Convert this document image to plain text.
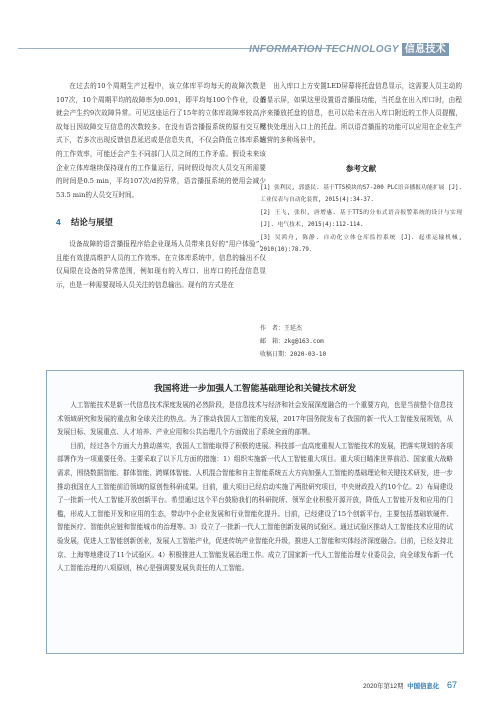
INFORMATION TECHNOLOGY 信息技术

在过去的10个周期生产过程中，该立体库平均每天的故障次数是107次，10个周期平均的故障率为0.091，即平均每100个作业，设备就会产生约9次故障异常。可见这座运行了15年的立体库故障率较高，故每日因故障交互信息的次数较多。在没有语音播报系统的原有交互模式下，若多次出现反馈信息延迟或是信息失真，不仅会降低立体库系统的工作效率，可能还会产生不同部门人员之间的工作矛盾。假设未来该企业立体库继续保持现有的工作量运行，同时假设每次人员交互所需要的时间是0.5 min，平均107次/d的异常，语音播报系统的使用会减少53.5 min的人员交互时间。

4 结论与展望

设备故障的语音播报程序给企业现场人员带来良好的“用户体验”，且能有效提高维护人员的工作效率。在立体库系统中，信息的输出不仅仅局限在设备的异常范围，例如现有的入库口、出库口的托盘信息显示，也是一种需要现场人员关注的信息输出。现有的方式是在

出入库口上方安置LED屏幕将托盘信息显示，这需要人员主动的看显示屏，如果这里设置语音播报功能，当托盘在出入库口时，由程序来播放托盘的信息，也可以给未在出入库口附近的工作人员提醒，尽快处理出入口上的托盘。所以语音播报的功能可以应用在企业生产运营的多种场景中。

参考文献

[1] 张利民, 郭盛民. 基于TTS模块的S7-200 PLC语音播报功能扩展 [J]. 工业仪表与自动化装置, 2015(4):34-37.

[2] 王飞, 张积, 唐增惠. 基于TTS的分布式语音报警系统的设计与实现 [J]. 电气技术, 2015(4):112-114.

[3] 吴鸿舟, 陈静. 自动化立体仓库监控系统 [J]. 起重运输机械, 2010(10):78.79.

作　者：王延杰
邮　箱：zkg@163.com
收稿日期：2020-03-10
我国将进一步加强人工智能基础理论和关键技术研发

人工智能技术是新一代信息技术深度发展的必然阶段，是信息技术与经济和社会发展深度融合的一个重要方向，也是当前整个信息技术领域研究和发展的重点和全球关注的热点。为了推动我国人工智能的发展，2017年国务院发布了我国的新一代人工智能发展规划，从发展目标、发展重点、人才培养、产业应用和公共治理几个方面做出了系统全面的部署。

目前，经过各个方面大力推动落实，我国人工智能取得了积极的进展。科技部一直高度重视人工智能技术的发展，把落实规划的各项部署作为一项重要任务。主要采取了以下几方面的措施：1）组织实施新一代人工智能重大项目。重大项目瞄准世界前沿、国家重大战略需求，围绕数据智能、群体智能、跨媒体智能、人机混合智能和自主智能系统五大方向加强人工智能的基础理论和关键技术研发，进一步推动我国在人工智能前沿领域的原创性科研成果。目前，重大项目已经启动实施了两批研究项目，中央财政投入约10个亿。2）布局建设了一批新一代人工智能开放创新平台。希望通过这个平台鼓励我们的科研院所、领军企业积极开源开放，降低人工智能开发和应用的门槛，形成人工智能开发和应用的生态，带动中小企业发展和行业智能化提升。目前，已经建设了15个创新平台，主要包括基础软硬件、智能医疗、智能供应链和智能城市的治理等。3）设立了一批新一代人工智能创新发展的试验区。通过试验区推动人工智能技术应用的试验发展，促进人工智能创新创业，发展人工智能产业，促进传统产业智能化升级，推进人工智能和实体经济深度融合。目前，已经支持北京、上海等地建设了11个试验区。4）积极推进人工智能发展治理工作。成立了国家新一代人工智能治理专业委员会，向全球发布新一代人工智能治理的八项原则，核心是强调要发展负责任的人工智能。

2020年第12期 中国信息化 67
